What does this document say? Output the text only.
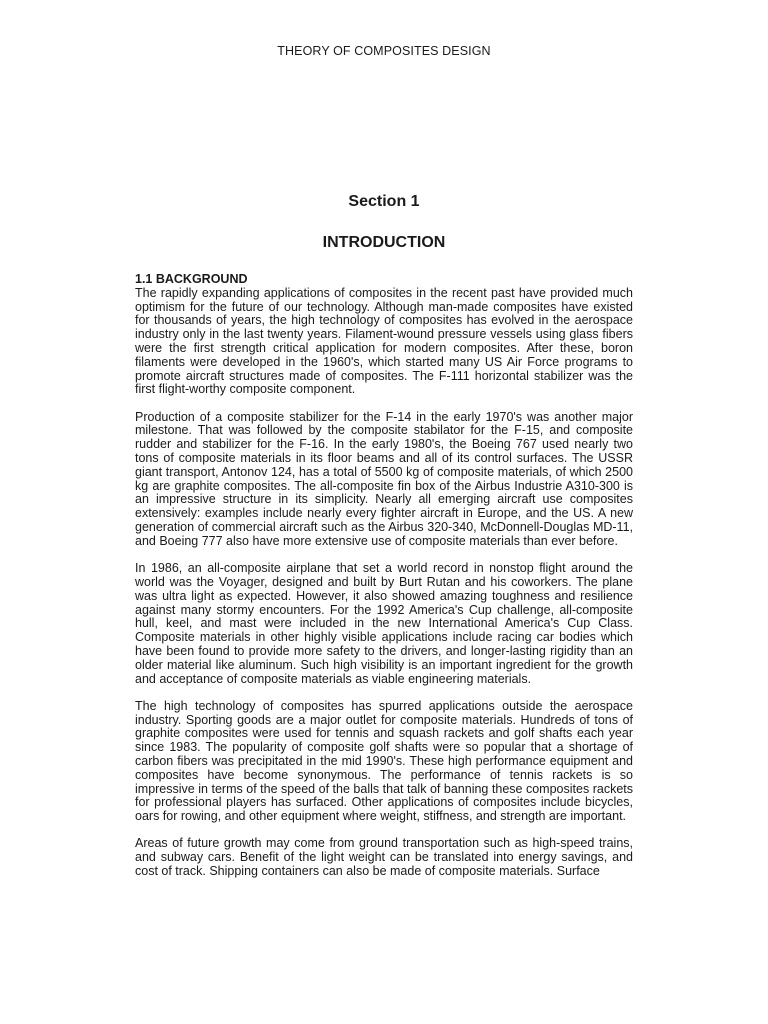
THEORY OF COMPOSITES DESIGN
Section 1
INTRODUCTION

1.1 BACKGROUND

The rapidly expanding applications of composites in the recent past have provided much optimism for the future of our technology. Although man-made composites have existed for thousands of years, the high technology of composites has evolved in the aerospace industry only in the last twenty years. Filament-wound pressure vessels using glass fibers were the first strength critical application for modern composites. After these, boron filaments were developed in the 1960's, which started many US Air Force programs to promote aircraft structures made of composites. The F-111 horizontal stabilizer was the first flight-worthy composite component.

Production of a composite stabilizer for the F-14 in the early 1970's was another major milestone. That was followed by the composite stabilator for the F-15, and composite rudder and stabilizer for the F-16. In the early 1980's, the Boeing 767 used nearly two tons of composite materials in its floor beams and all of its control surfaces. The USSR giant transport, Antonov 124, has a total of 5500 kg of composite materials, of which 2500 kg are graphite composites. The all-composite fin box of the Airbus Industrie A310-300 is an impressive structure in its simplicity. Nearly all emerging aircraft use composites extensively: examples include nearly every fighter aircraft in Europe, and the US. A new generation of commercial aircraft such as the Airbus 320-340, McDonnell-Douglas MD-11, and Boeing 777 also have more extensive use of composite materials than ever before.

In 1986, an all-composite airplane that set a world record in nonstop flight around the world was the Voyager, designed and built by Burt Rutan and his coworkers. The plane was ultra light as expected. However, it also showed amazing toughness and resilience against many stormy encounters. For the 1992 America's Cup challenge, all-composite hull, keel, and mast were included in the new International America's Cup Class. Composite materials in other highly visible applications include racing car bodies which have been found to provide more safety to the drivers, and longer-lasting rigidity than an older material like aluminum. Such high visibility is an important ingredient for the growth and acceptance of composite materials as viable engineering materials.

The high technology of composites has spurred applications outside the aerospace industry. Sporting goods are a major outlet for composite materials. Hundreds of tons of graphite composites were used for tennis and squash rackets and golf shafts each year since 1983. The popularity of composite golf shafts were so popular that a shortage of carbon fibers was precipitated in the mid 1990's. These high performance equipment and composites have become synonymous. The performance of tennis rackets is so impressive in terms of the speed of the balls that talk of banning these composites rackets for professional players has surfaced. Other applications of composites include bicycles, oars for rowing, and other equipment where weight, stiffness, and strength are important.

Areas of future growth may come from ground transportation such as high-speed trains, and subway cars. Benefit of the light weight can be translated into energy savings, and cost of track. Shipping containers can also be made of composite materials. Surface
